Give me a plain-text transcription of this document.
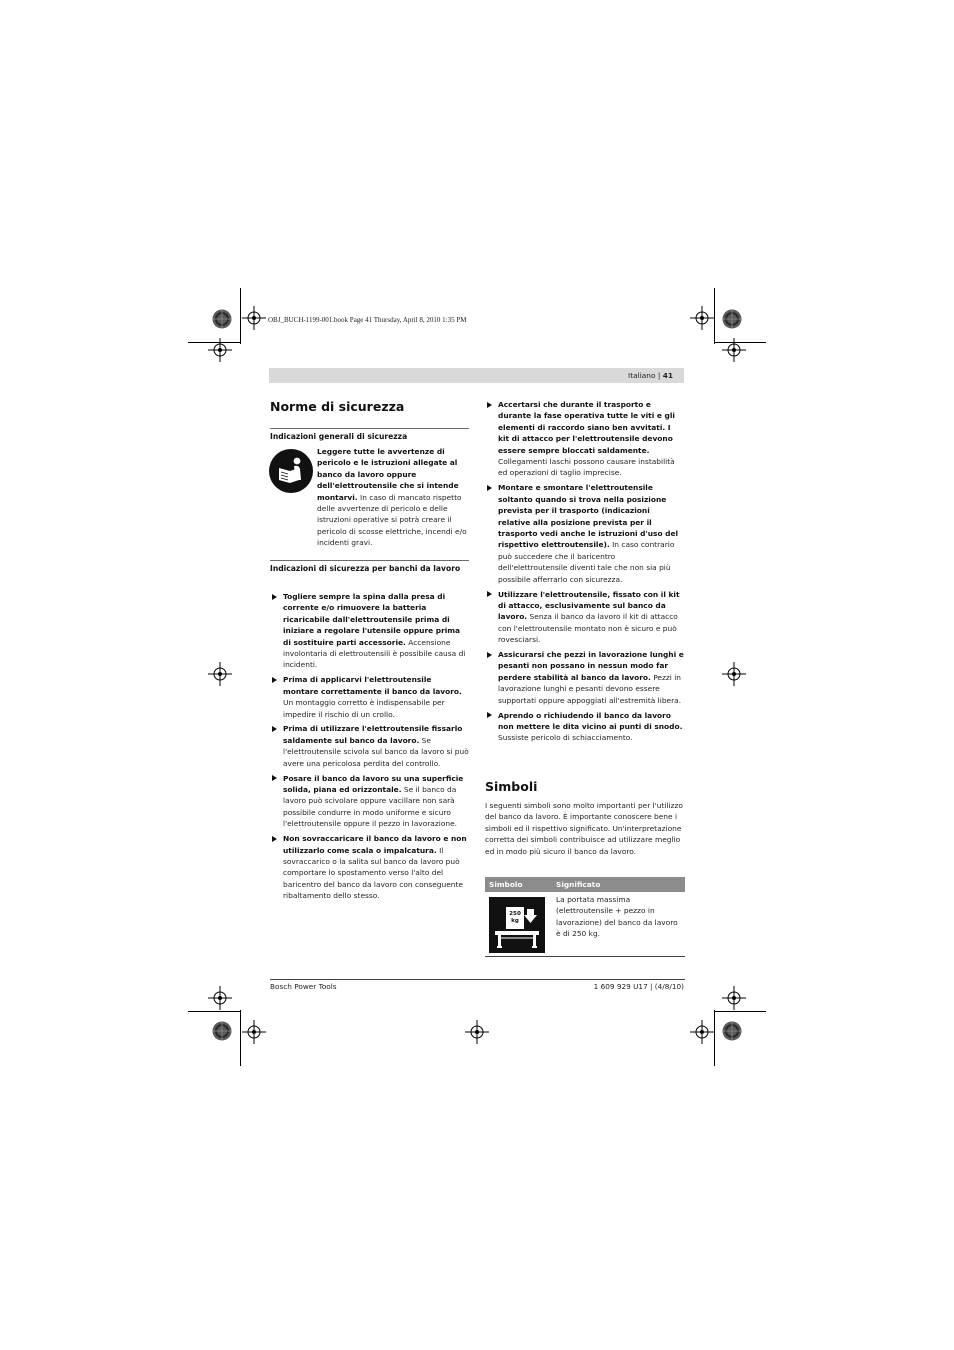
OBJ_BUCH-1199-001.book Page 41 Thursday, April 8, 2010 1:35 PM
Italiano | 41
Norme di sicurezza
Indicazioni generali di sicurezza
Leggere tutte le avvertenze di pericolo e le istruzioni allegate al banco da lavoro oppure dell'elettroutensile che si intende montarvi. In caso di mancato rispetto delle avvertenze di pericolo e delle istruzioni operative si potrà creare il pericolo di scosse elettriche, incendi e/o incidenti gravi.
Indicazioni di sicurezza per banchi da lavoro
Togliere sempre la spina dalla presa di corrente e/o rimuovere la batteria ricaricabile dall'elettroutensile prima di iniziare a regolare l'utensile oppure prima di sostituire parti accessorie. Accensione involontaria di elettroutensili è possibile causa di incidenti.
Prima di applicarvi l'elettroutensile montare correttamente il banco da lavoro. Un montaggio corretto è indispensabile per impedire il rischio di un crollo.
Prima di utilizzare l'elettroutensile fissarlo saldamente sul banco da lavoro. Se l'elettroutensile scivola sul banco da lavoro si può avere una pericolosa perdita del controllo.
Posare il banco da lavoro su una superficie solida, piana ed orizzontale. Se il banco da lavoro può scivolare oppure vacillare non sarà possibile condurre in modo uniforme e sicuro l'elettroutensile oppure il pezzo in lavorazione.
Non sovraccaricare il banco da lavoro e non utilizzarlo come scala o impalcatura. Il sovraccarico o la salita sul banco da lavoro può comportare lo spostamento verso l'alto del baricentro del banco da lavoro con conseguente ribaltamento dello stesso.
Accertarsi che durante il trasporto e durante la fase operativa tutte le viti e gli elementi di raccordo siano ben avvitati. I kit di attacco per l'elettroutensile devono essere sempre bloccati saldamente. Collegamenti laschi possono causare instabilità ed operazioni di taglio imprecise.
Montare e smontare l'elettroutensile soltanto quando si trova nella posizione prevista per il trasporto (indicazioni relative alla posizione prevista per il trasporto vedi anche le istruzioni d'uso del rispettivo elettroutensile). In caso contrario può succedere che il baricentro dell'elettroutensile diventi tale che non sia più possibile afferrarlo con sicurezza.
Utilizzare l'elettroutensile, fissato con il kit di attacco, esclusivamente sul banco da lavoro. Senza il banco da lavoro il kit di attacco con l'elettroutensile montato non è sicuro e può rovesciarsi.
Assicurarsi che pezzi in lavorazione lunghi e pesanti non possano in nessun modo far perdere stabilità al banco da lavoro. Pezzi in lavorazione lunghi e pesanti devono essere supportati oppure appoggiati all'estremità libera.
Aprendo o richiudendo il banco da lavoro non mettere le dita vicino ai punti di snodo. Sussiste pericolo di schiacciamento.
Simboli
I seguenti simboli sono molto importanti per l'utilizzo del banco da lavoro. È importante conoscere bene i simboli ed il rispettivo significato. Un'interpretazione corretta dei simboli contribuisce ad utilizzare meglio ed in modo più sicuro il banco da lavoro.
Simbolo	Significato
250 kg
La portata massima (elettroutensile + pezzo in lavorazione) del banco da lavoro è di 250 kg.
Bosch Power Tools	1 609 929 U17 | (4/8/10)
